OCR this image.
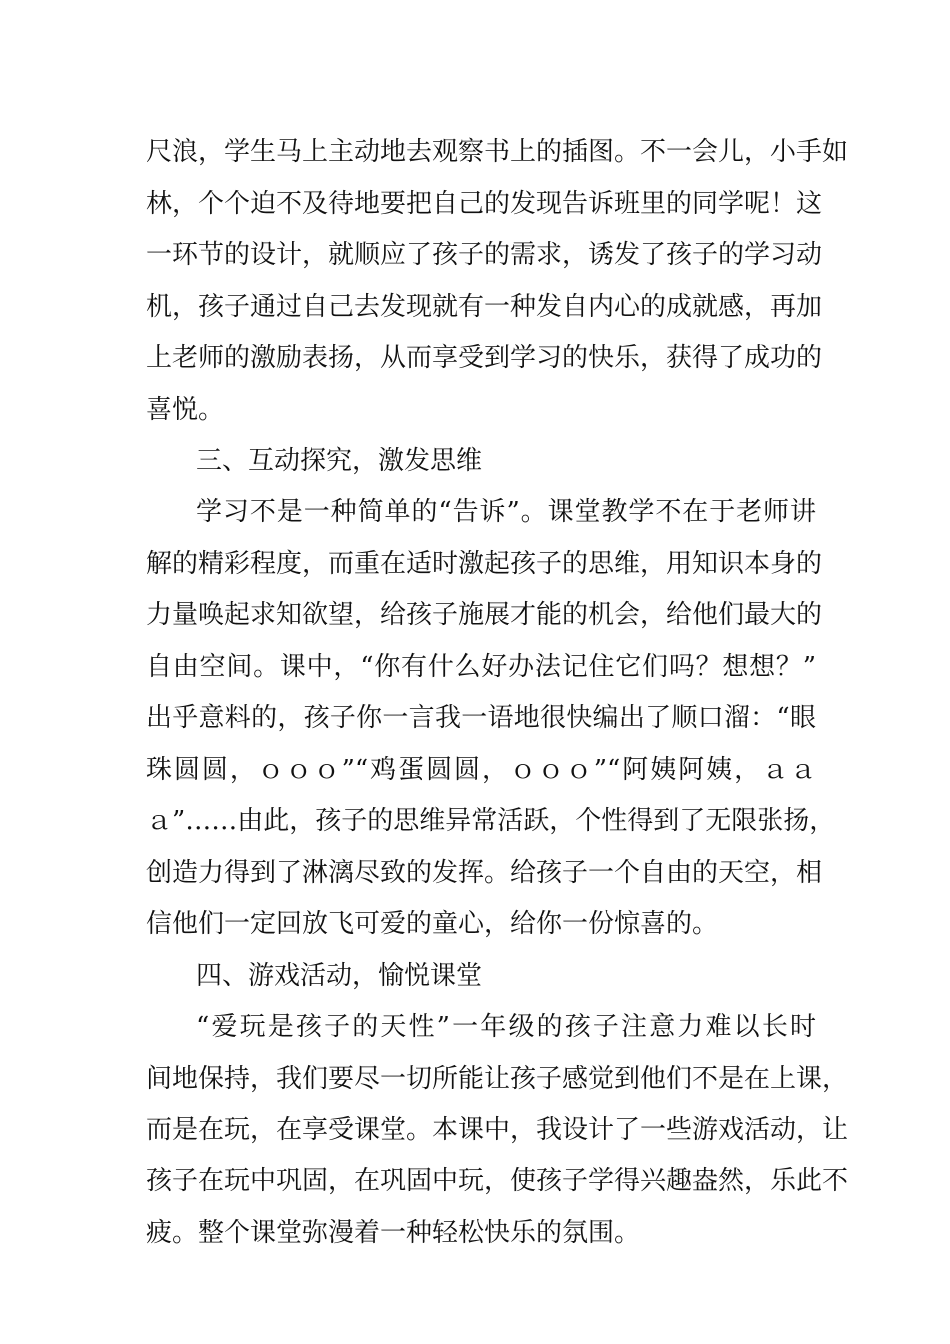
尺浪，学生马上主动地去观察书上的插图。不一会儿，小手如
林，个个迫不及待地要把自己的发现告诉班里的同学呢！这
一环节的设计，就顺应了孩子的需求，诱发了孩子的学习动
机，孩子通过自己去发现就有一种发自内心的成就感，再加
上老师的激励表扬，从而享受到学习的快乐，获得了成功的
喜悦。
三、互动探究，激发思维
学习不是一种简单的“告诉”。课堂教学不在于老师讲
解的精彩程度，而重在适时激起孩子的思维，用知识本身的
力量唤起求知欲望，给孩子施展才能的机会，给他们最大的
自由空间。课中，“你有什么好办法记住它们吗？想想？”
出乎意料的，孩子你一言我一语地很快编出了顺口溜：“眼
珠圆圆，ｏｏｏ”“鸡蛋圆圆，ｏｏｏ”“阿姨阿姨，ａａ
ａ”……由此，孩子的思维异常活跃，个性得到了无限张扬，
创造力得到了淋漓尽致的发挥。给孩子一个自由的天空，相
信他们一定回放飞可爱的童心，给你一份惊喜的。
四、游戏活动，愉悦课堂
“爱玩是孩子的天性”一年级的孩子注意力难以长时
间地保持，我们要尽一切所能让孩子感觉到他们不是在上课，
而是在玩，在享受课堂。本课中，我设计了一些游戏活动，让
孩子在玩中巩固，在巩固中玩，使孩子学得兴趣盎然，乐此不
疲。整个课堂弥漫着一种轻松快乐的氛围。
